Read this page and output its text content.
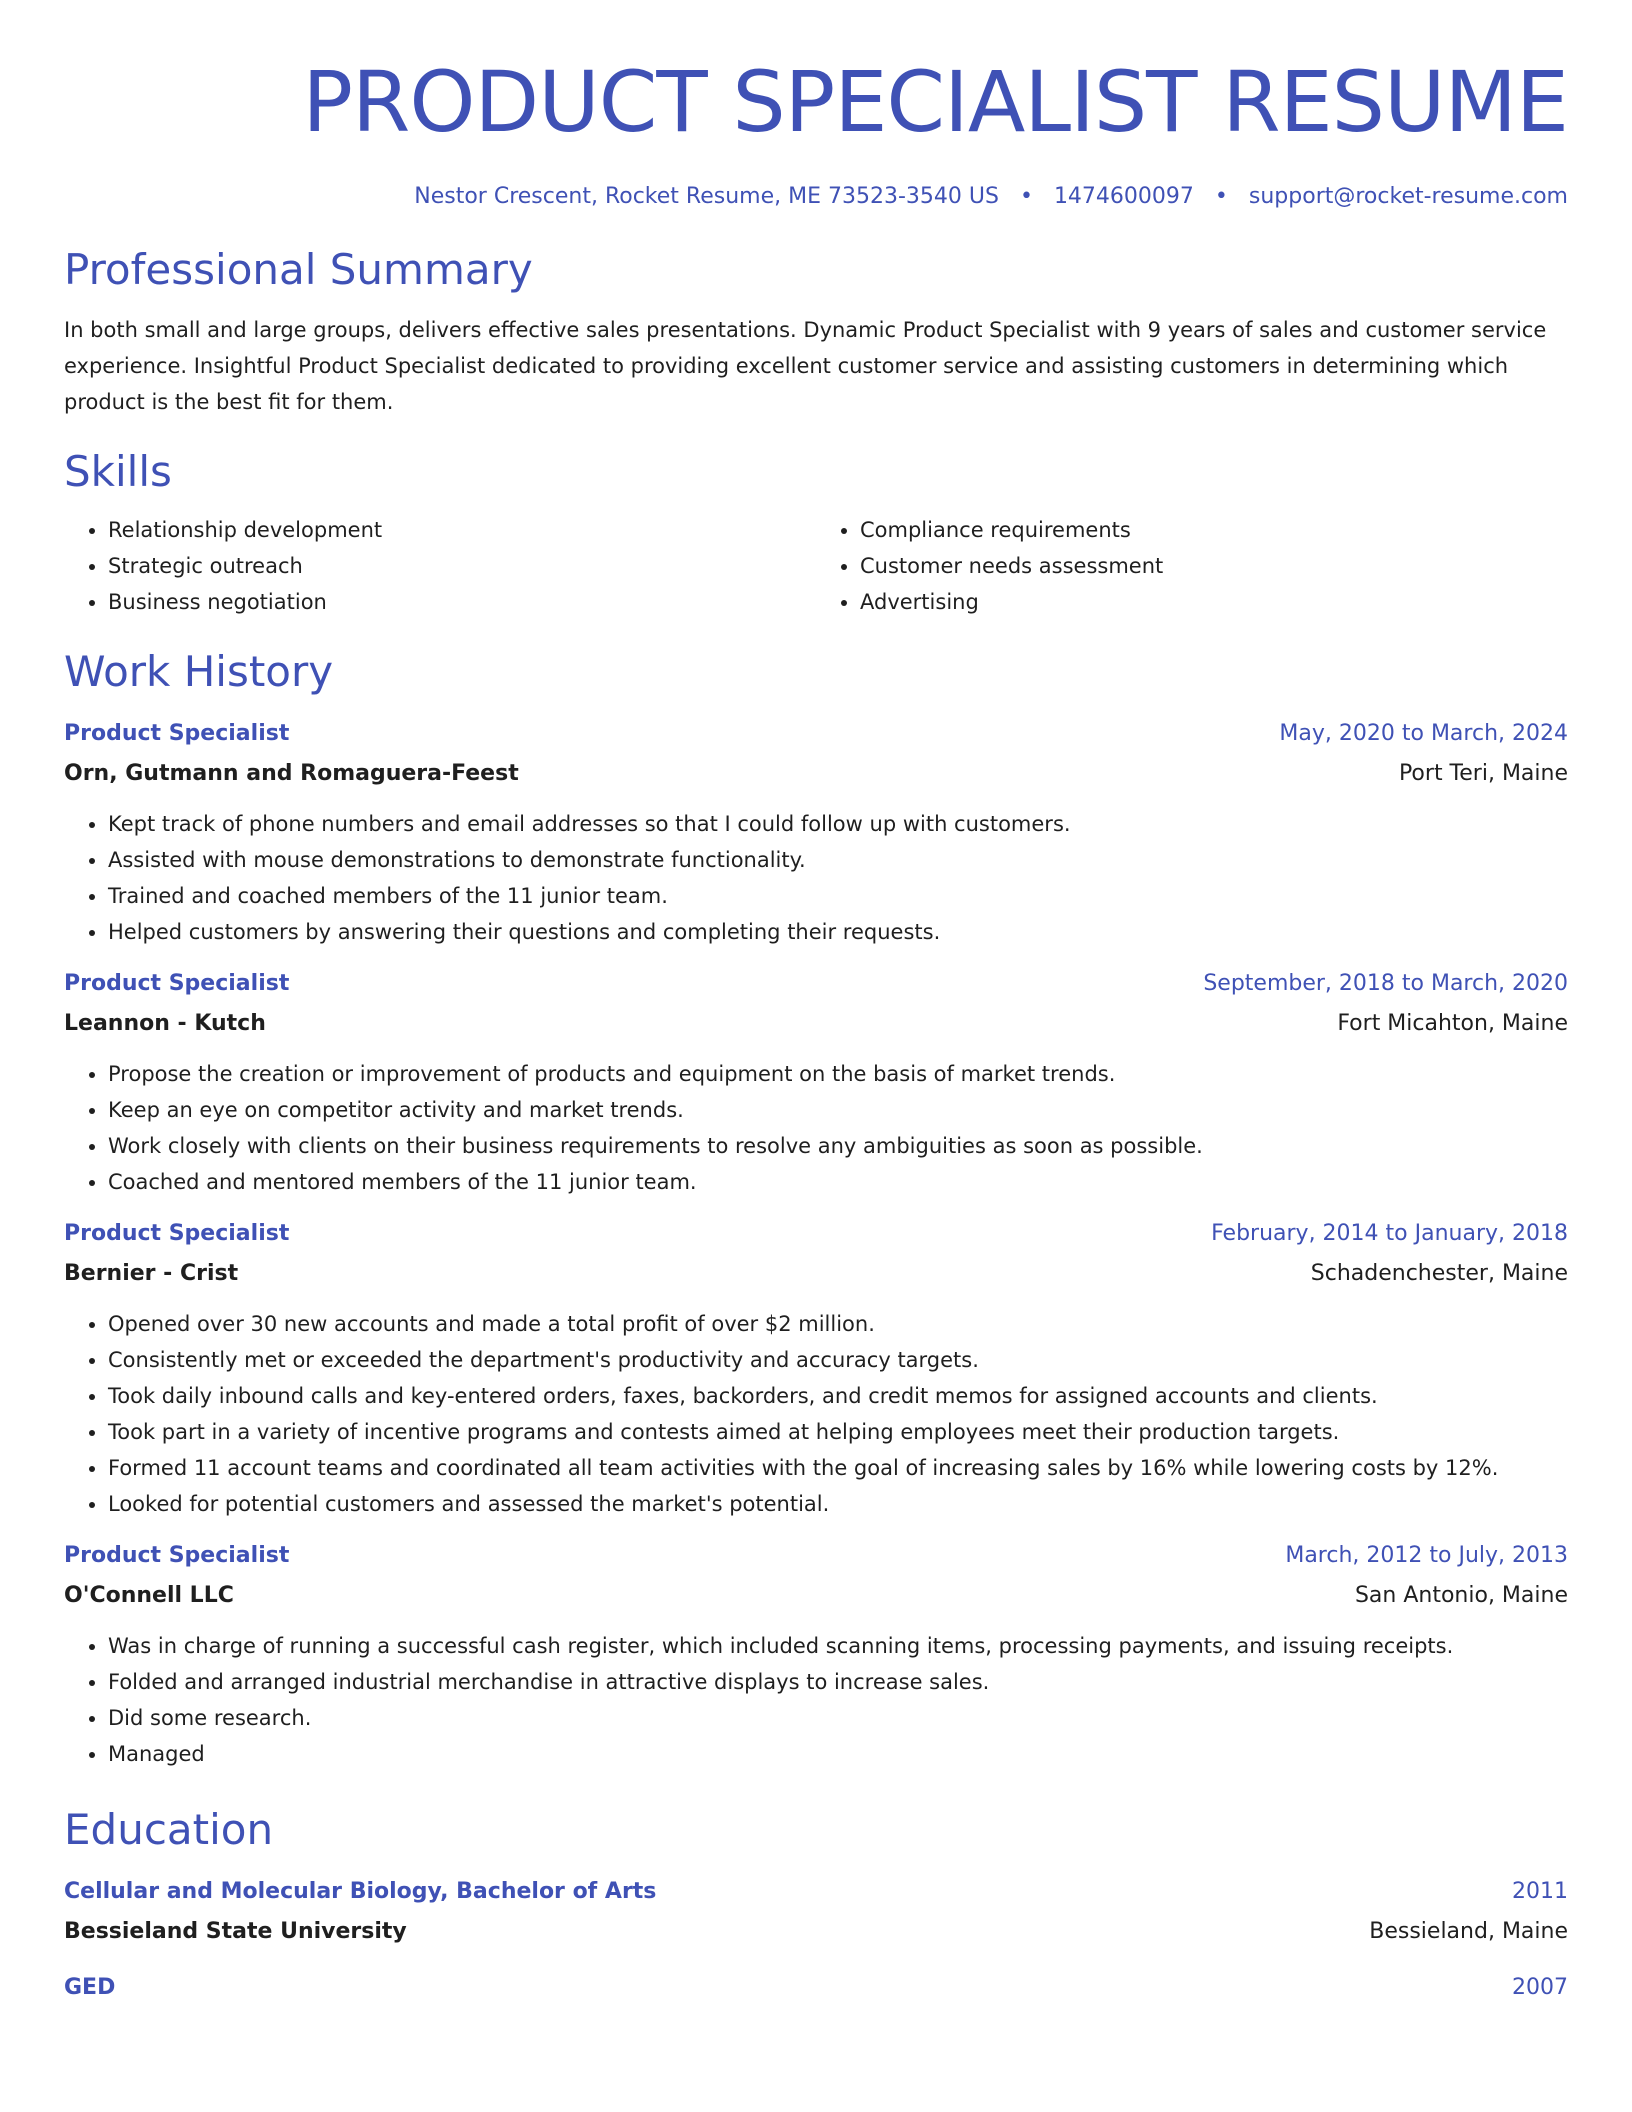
PRODUCT SPECIALIST RESUME
Nestor Crescent, Rocket Resume, ME 73523-3540 US • 1474600097 • support@rocket-resume.com
Professional Summary
In both small and large groups, delivers effective sales presentations. Dynamic Product Specialist with 9 years of sales and customer service experience. Insightful Product Specialist dedicated to providing excellent customer service and assisting customers in determining which product is the best fit for them.
Skills
• Relationship development
• Strategic outreach
• Business negotiation
• Compliance requirements
• Customer needs assessment
• Advertising
Work History
Product Specialist	May, 2020 to March, 2024
Orn, Gutmann and Romaguera-Feest	Port Teri, Maine
• Kept track of phone numbers and email addresses so that I could follow up with customers.
• Assisted with mouse demonstrations to demonstrate functionality.
• Trained and coached members of the 11 junior team.
• Helped customers by answering their questions and completing their requests.
Product Specialist	September, 2018 to March, 2020
Leannon - Kutch	Fort Micahton, Maine
• Propose the creation or improvement of products and equipment on the basis of market trends.
• Keep an eye on competitor activity and market trends.
• Work closely with clients on their business requirements to resolve any ambiguities as soon as possible.
• Coached and mentored members of the 11 junior team.
Product Specialist	February, 2014 to January, 2018
Bernier - Crist	Schadenchester, Maine
• Opened over 30 new accounts and made a total profit of over $2 million.
• Consistently met or exceeded the department's productivity and accuracy targets.
• Took daily inbound calls and key-entered orders, faxes, backorders, and credit memos for assigned accounts and clients.
• Took part in a variety of incentive programs and contests aimed at helping employees meet their production targets.
• Formed 11 account teams and coordinated all team activities with the goal of increasing sales by 16% while lowering costs by 12%.
• Looked for potential customers and assessed the market's potential.
Product Specialist	March, 2012 to July, 2013
O'Connell LLC	San Antonio, Maine
• Was in charge of running a successful cash register, which included scanning items, processing payments, and issuing receipts.
• Folded and arranged industrial merchandise in attractive displays to increase sales.
• Did some research.
• Managed
Education
Cellular and Molecular Biology, Bachelor of Arts	2011
Bessieland State University	Bessieland, Maine
GED	2007
